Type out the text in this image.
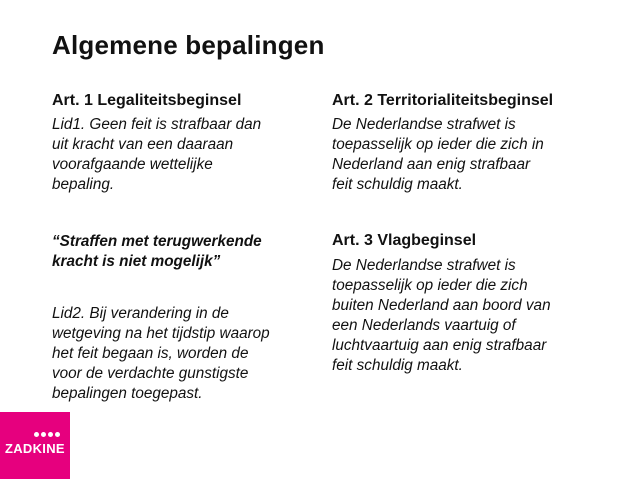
Algemene bepalingen
Art. 1 Legaliteitsbeginsel
Lid1. Geen feit is strafbaar dan
uit kracht van een daaraan
voorafgaande wettelijke
bepaling.
“Straffen met terugwerkende
kracht is niet mogelijk”
Lid2. Bij verandering in de
wetgeving na het tijdstip waarop
het feit begaan is, worden de
voor de verdachte gunstigste
bepalingen toegepast.
Art. 2 Territorialiteitsbeginsel
De Nederlandse strafwet is
toepasselijk op ieder die zich in
Nederland aan enig strafbaar
feit schuldig maakt.
Art. 3 Vlagbeginsel
De Nederlandse strafwet is
toepasselijk op ieder die zich
buiten Nederland aan boord van
een Nederlands vaartuig of
luchtvaartuig aan enig strafbaar
feit schuldig maakt.
ZADKINE
